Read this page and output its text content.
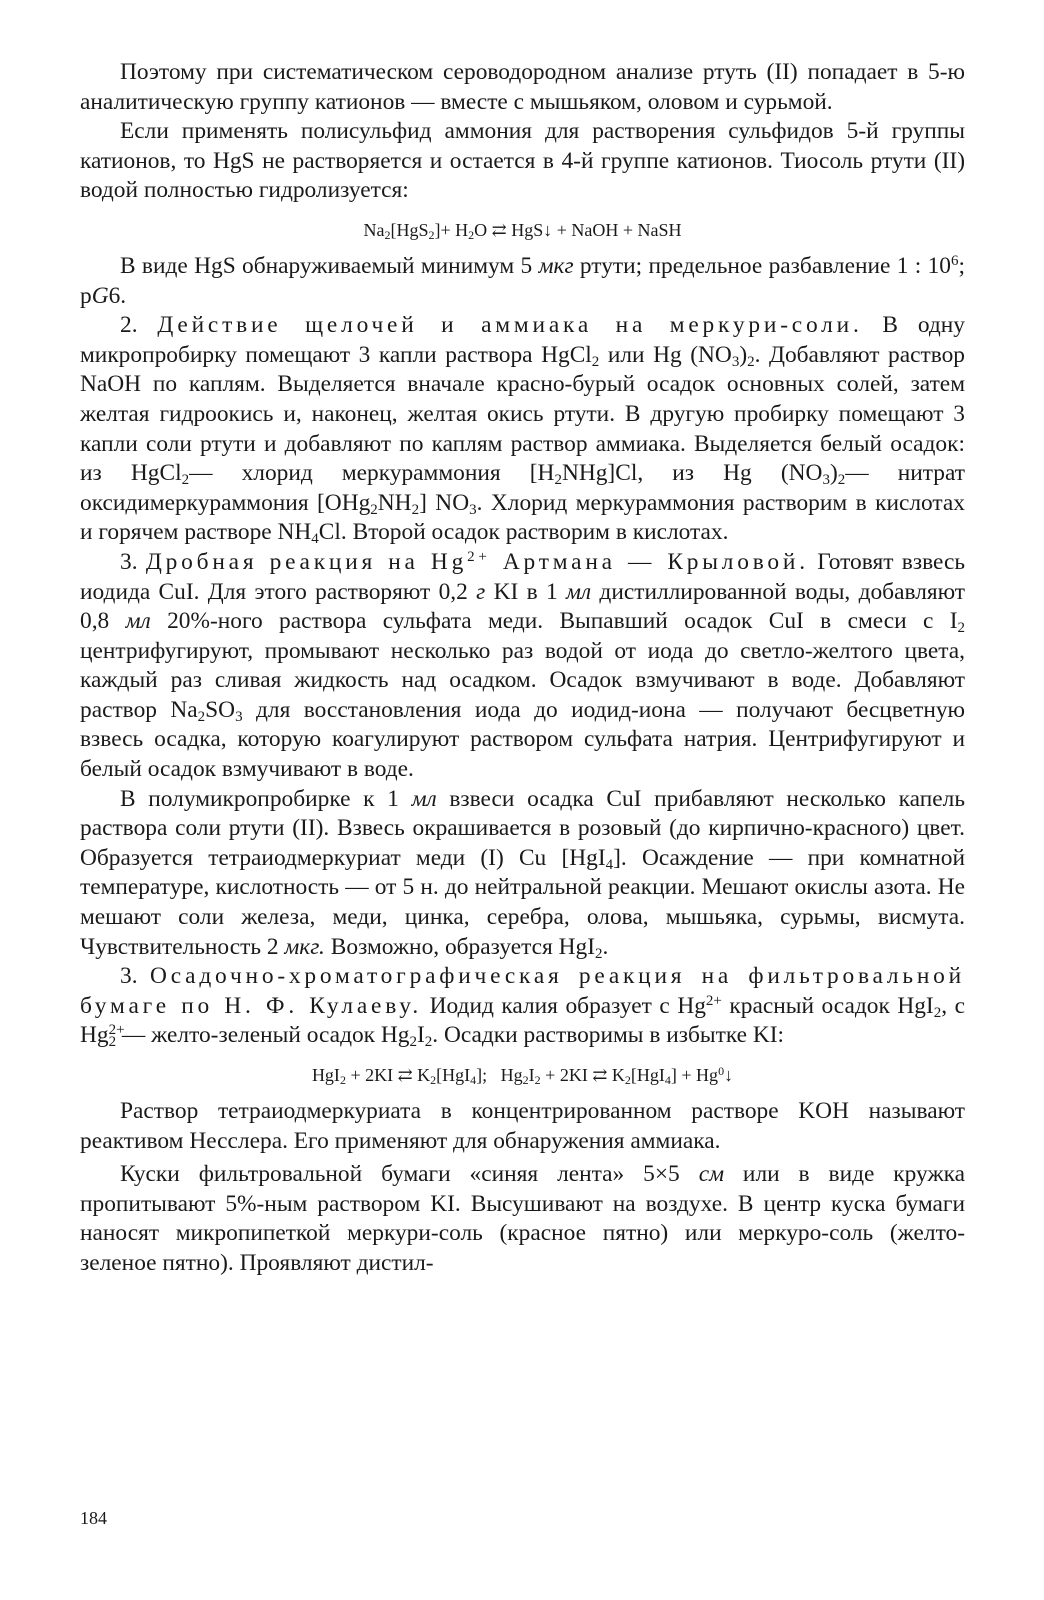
Поэтому при систематическом сероводородном анализе ртуть (II) попадает в 5-ю аналитическую группу катионов — вместе с мышьяком, оловом и сурьмой.

Если применять полисульфид аммония для растворения сульфидов 5-й группы катионов, то HgS не растворяется и остается в 4-й группе катионов. Тиосоль ртути (II) водой полностью гидролизуется:

$Na_2[HgS_2]+ H_2O$ ⇄ HgS↓ + NaOH + NaSH

В виде HgS обнаруживаемый минимум 5 мкг ртути; предельное разбавление 1 : $10^6$; pG6.

2. Действие щелочей и аммиака на меркури-соли. В одну микропробирку помещают 3 капли раствора HgCl$_2$ или Hg $(NO_3)_2$. Добавляют раствор NaOH по каплям. Выделяется вначале красно-бурый осадок основных солей, затем желтая гидроокись и, наконец, желтая окись ртути. В другую пробирку помещают 3 капли соли ртути и добавляют по каплям раствор аммиака. Выделяется белый осадок: из HgCl$_2$— хлорид меркураммония $[H_2NHg]Cl$, из Hg $(NO_3)_2—$ нитрат оксидимеркураммония $[OHg_2NH_2]$ $NO_3$. Хлорид меркураммония растворим в кислотах и горячем растворе $NH_4Cl$. Второй осадок растворим в кислотах.

3. Дробная реакция на $Hg^{2+}$ Артмана — Крыловой. Готовят взвесь иодида CuI. Для этого растворяют 0,2 г KI в 1 мл дистиллированной воды, добавляют 0,8 мл 20%-ного раствора сульфата меди. Выпавший осадок CuI в смеси с $I_2$ центрифугируют, промывают несколько раз водой от иода до светло-желтого цвета, каждый раз сливая жидкость над осадком. Осадок взмучивают в воде. Добавляют раствор $Na_2SO_3$ для восстановления иода до иодид-иона — получают бесцветную взвесь осадка, которую коагулируют раствором сульфата натрия. Центрифугируют и белый осадок взмучивают в воде.

В полумикропробирке к 1 мл взвеси осадка CuI прибавляют несколько капель раствора соли ртути (II). Взвесь окрашивается в розовый (до кирпично-красного) цвет. Образуется тетраиодмеркуриат меди (I) Cu [HgI$_4$]. Осаждение — при комнатной температуре, кислотность — от 5 н. до нейтральной реакции. Мешают окислы азота. Не мешают соли железа, меди, цинка, серебра, олова, мышьяка, сурьмы, висмута. Чувствительность 2 мкг. Возможно, образуется HgI$_2$.

3. Осадочно-хроматографическая реакция на фильтровальной бумаге по Н. Ф. Кулаеву. Иодид калия образует с $Hg^{2+}$ красный осадок HgI$_2$, с $Hg^{2+}_2$ — желто-зеленый осадок $Hg_2I_2$. Осадки растворимы в избытке KI:

HgI$_2$ + 2KI ⇄ $K_2[HgI_4]$;   $Hg_2I_2 + 2KI$ ⇄ $K_2[HgI_4]$ + $Hg^0↓$

Раствор тетраиодмеркуриата в концентрированном растворе KOH называют реактивом Несслера. Его применяют для обнаружения аммиака.

Куски фильтровальной бумаги «синяя лента» 5×5 см или в виде кружка пропитывают 5%-ным раствором KI. Высушивают на воздухе. В центр куска бумаги наносят микропипеткой меркури-соль (красное пятно) или меркуро-соль (желто-зеленое пятно). Проявляют дистил-

184
